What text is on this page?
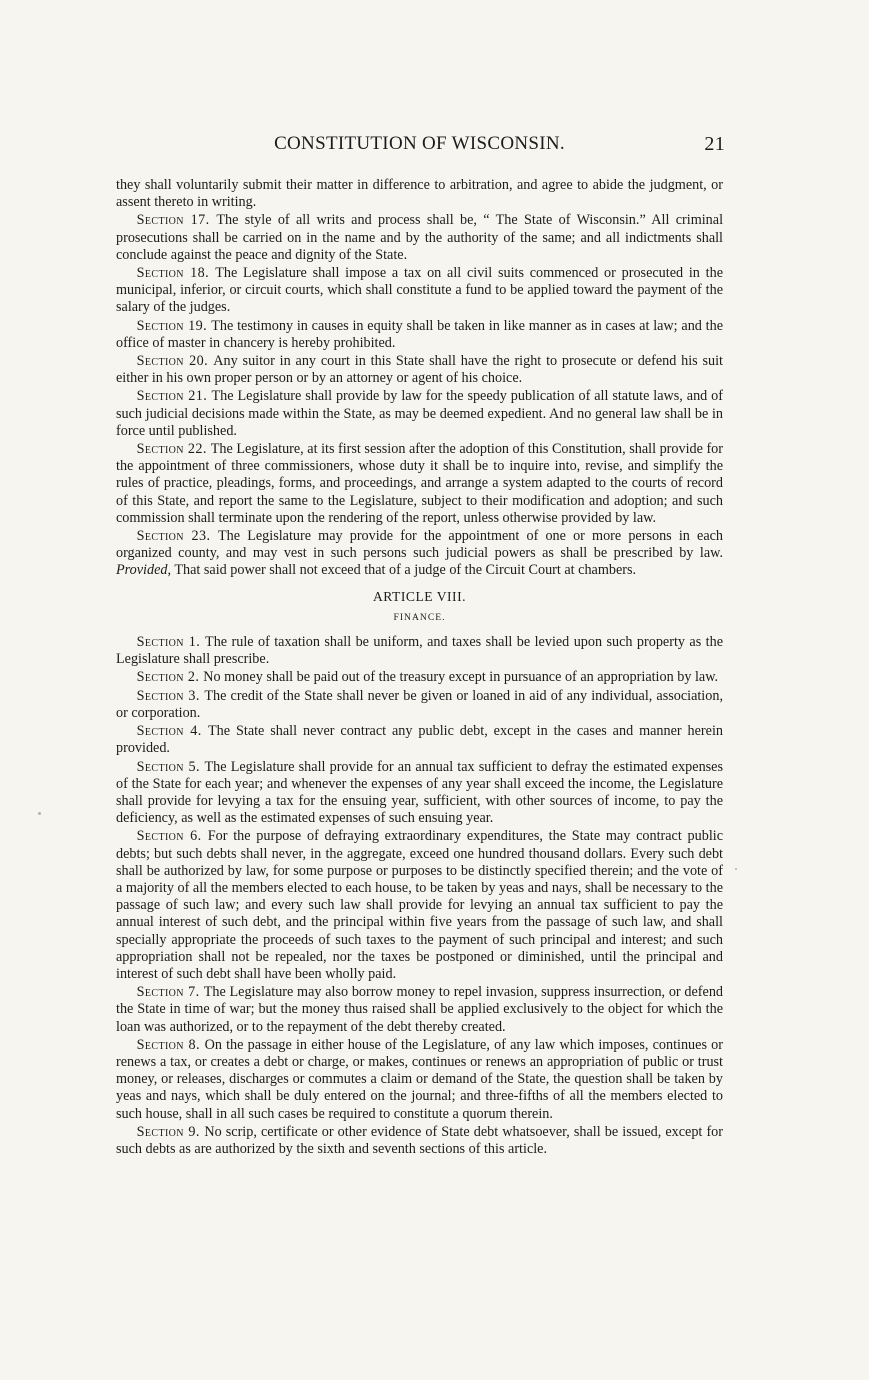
CONSTITUTION OF WISCONSIN.	21

they shall voluntarily submit their matter in difference to arbitration, and agree to abide the judgment, or assent thereto in writing.

Section 17. The style of all writs and process shall be, “ The State of Wisconsin.” All criminal prosecutions shall be carried on in the name and by the authority of the same; and all indictments shall conclude against the peace and dignity of the State.

Section 18. The Legislature shall impose a tax on all civil suits commenced or prosecuted in the municipal, inferior, or circuit courts, which shall constitute a fund to be applied toward the payment of the salary of the judges.

Section 19. The testimony in causes in equity shall be taken in like manner as in cases at law; and the office of master in chancery is hereby prohibited.

Section 20. Any suitor in any court in this State shall have the right to prosecute or defend his suit either in his own proper person or by an attorney or agent of his choice.

Section 21. The Legislature shall provide by law for the speedy publication of all statute laws, and of such judicial decisions made within the State, as may be deemed expedient. And no general law shall be in force until published.

Section 22. The Legislature, at its first session after the adoption of this Constitution, shall provide for the appointment of three commissioners, whose duty it shall be to inquire into, revise, and simplify the rules of practice, pleadings, forms, and proceedings, and arrange a system adapted to the courts of record of this State, and report the same to the Legislature, subject to their modification and adoption; and such commission shall terminate upon the rendering of the report, unless otherwise provided by law.

Section 23. The Legislature may provide for the appointment of one or more persons in each organized county, and may vest in such persons such judicial powers as shall be prescribed by law. Provided, That said power shall not exceed that of a judge of the Circuit Court at chambers.

ARTICLE VIII.
FINANCE.

Section 1. The rule of taxation shall be uniform, and taxes shall be levied upon such property as the Legislature shall prescribe.

Section 2. No money shall be paid out of the treasury except in pursuance of an appropriation by law.

Section 3. The credit of the State shall never be given or loaned in aid of any individual, association, or corporation.

Section 4. The State shall never contract any public debt, except in the cases and manner herein provided.

Section 5. The Legislature shall provide for an annual tax sufficient to defray the estimated expenses of the State for each year; and whenever the expenses of any year shall exceed the income, the Legislature shall provide for levying a tax for the ensuing year, sufficient, with other sources of income, to pay the deficiency, as well as the estimated expenses of such ensuing year.

Section 6. For the purpose of defraying extraordinary expenditures, the State may contract public debts; but such debts shall never, in the aggregate, exceed one hundred thousand dollars. Every such debt shall be authorized by law, for some purpose or purposes to be distinctly specified therein; and the vote of a majority of all the members elected to each house, to be taken by yeas and nays, shall be necessary to the passage of such law; and every such law shall provide for levying an annual tax sufficient to pay the annual interest of such debt, and the principal within five years from the passage of such law, and shall specially appropriate the proceeds of such taxes to the payment of such principal and interest; and such appropriation shall not be repealed, nor the taxes be postponed or diminished, until the principal and interest of such debt shall have been wholly paid.

Section 7. The Legislature may also borrow money to repel invasion, suppress insurrection, or defend the State in time of war; but the money thus raised shall be applied exclusively to the object for which the loan was authorized, or to the repayment of the debt thereby created.

Section 8. On the passage in either house of the Legislature, of any law which imposes, continues or renews a tax, or creates a debt or charge, or makes, continues or renews an appropriation of public or trust money, or releases, discharges or commutes a claim or demand of the State, the question shall be taken by yeas and nays, which shall be duly entered on the journal; and three-fifths of all the members elected to such house, shall in all such cases be required to constitute a quorum therein.

Section 9. No scrip, certificate or other evidence of State debt whatsoever, shall be issued, except for such debts as are authorized by the sixth and seventh sections of this article.
